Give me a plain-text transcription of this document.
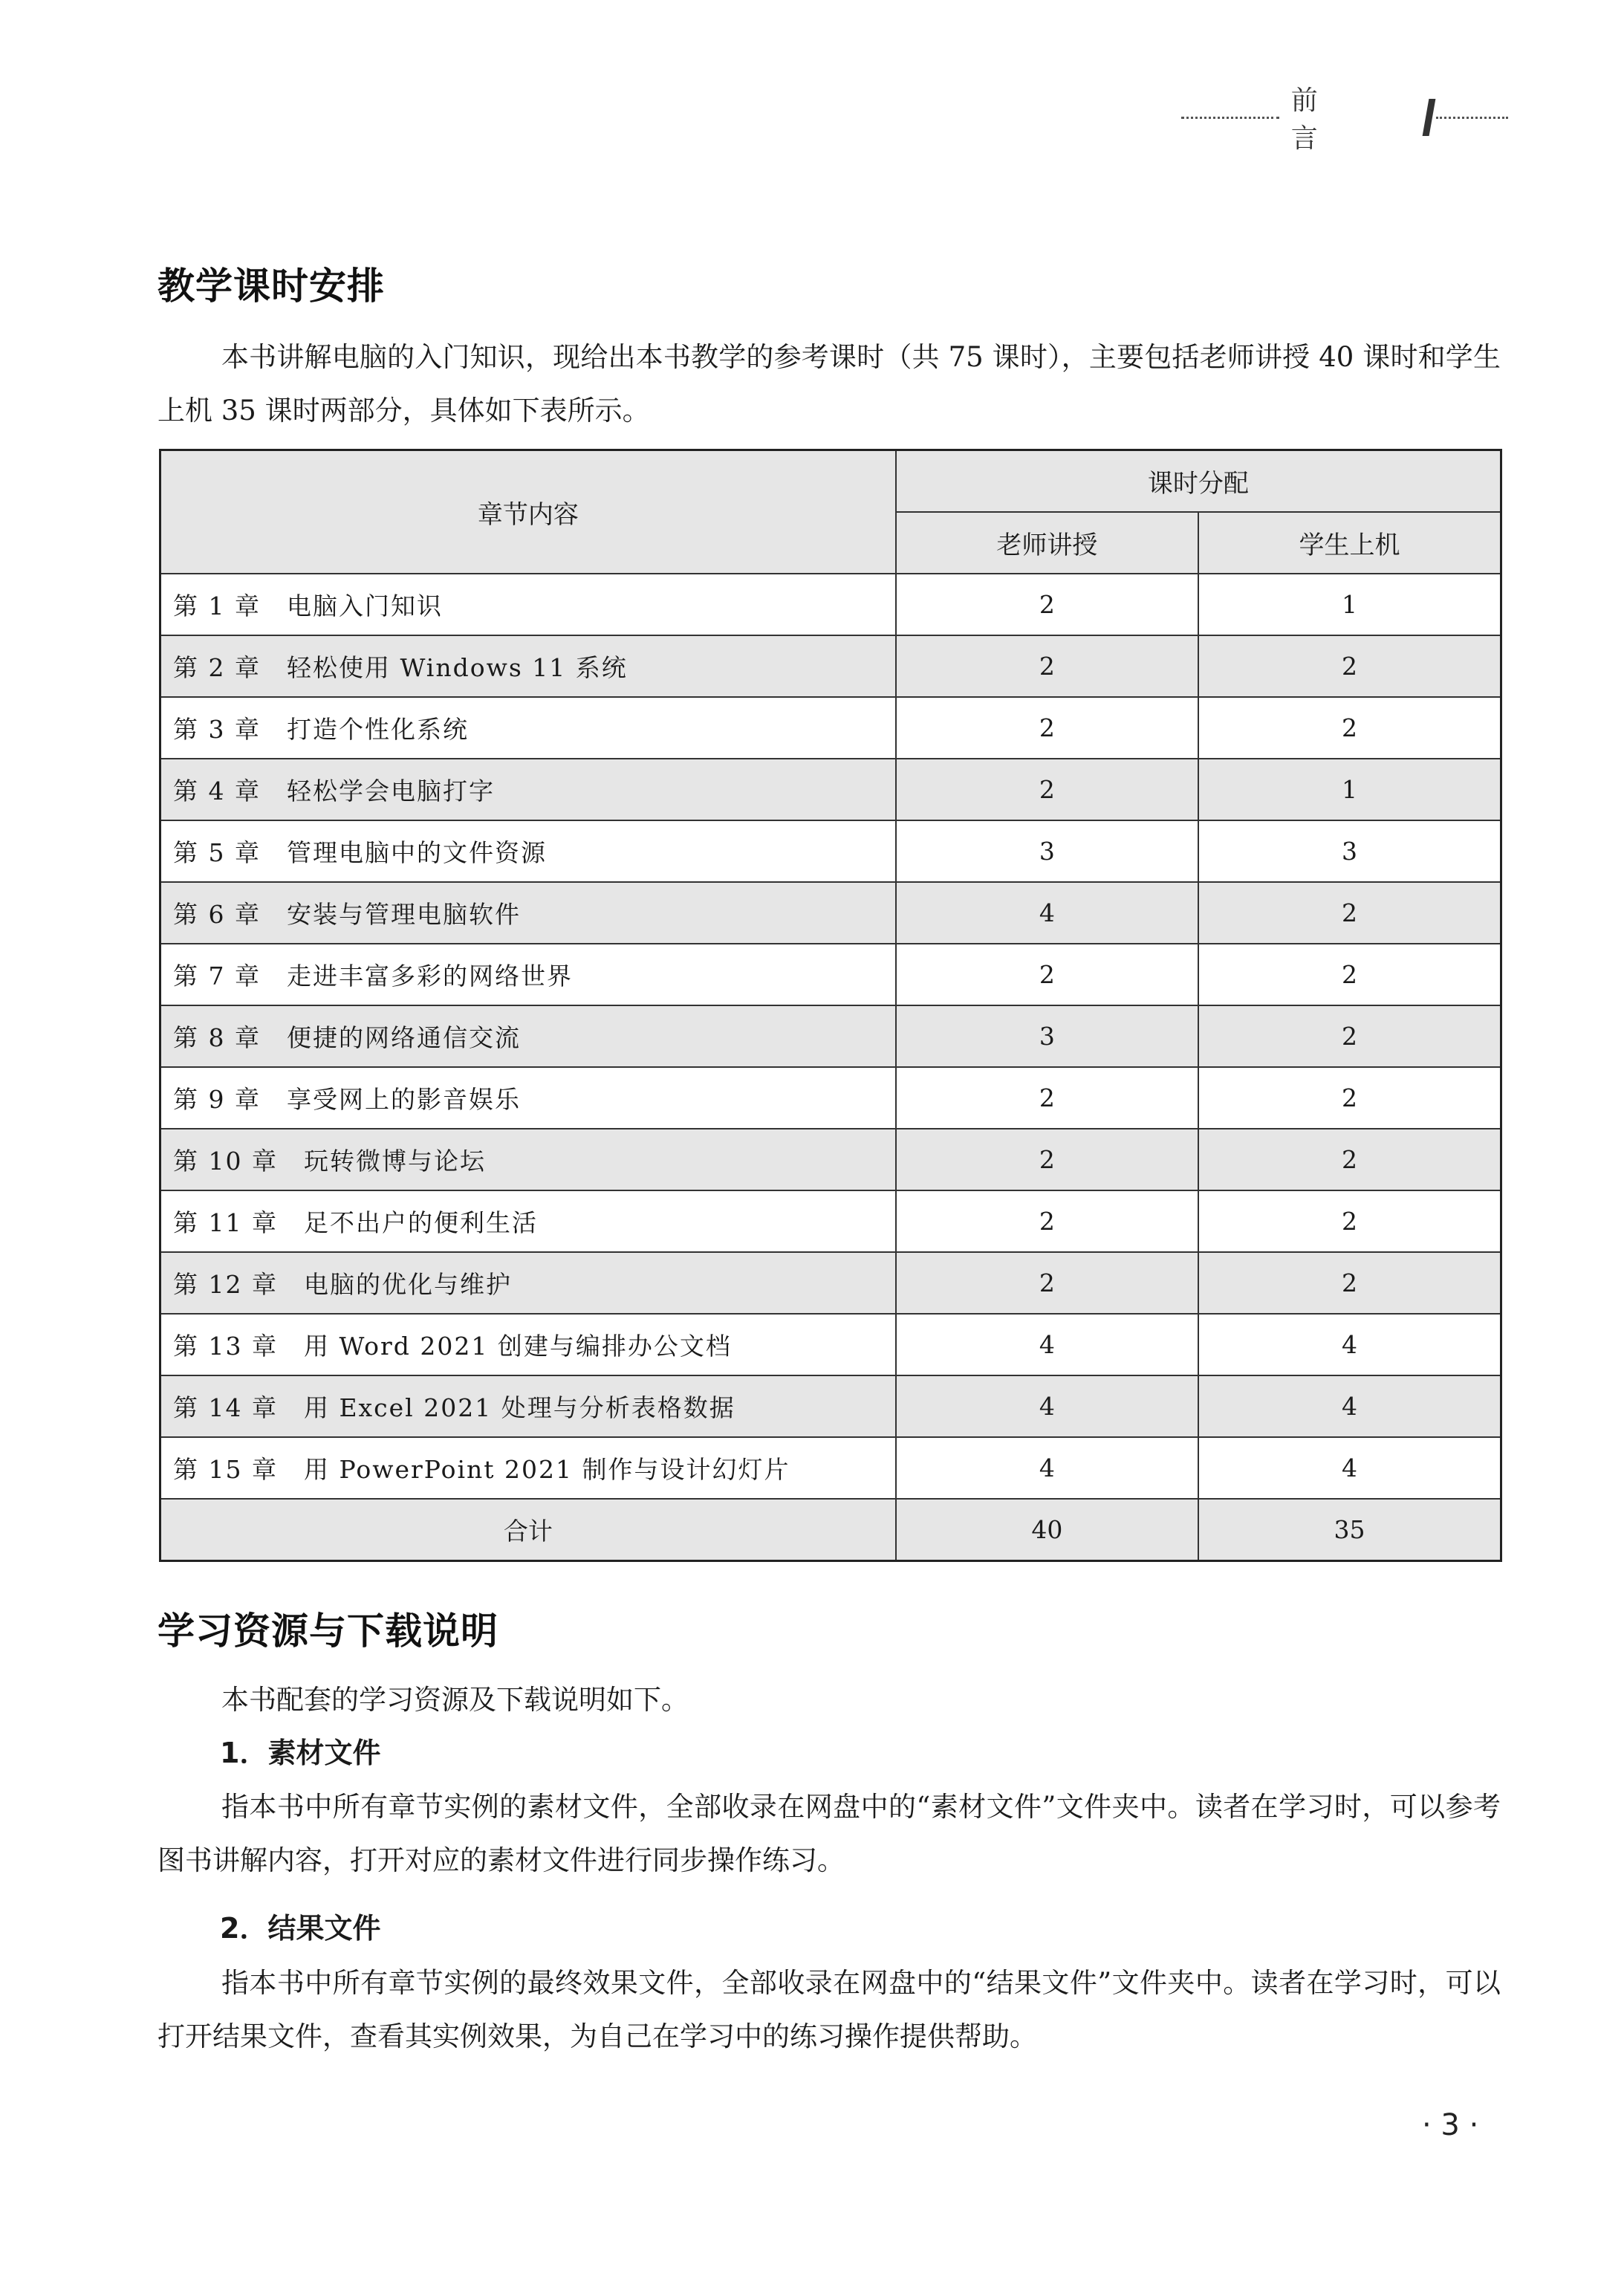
前 言
教学课时安排

本书讲解电脑的入门知识，现给出本书教学的参考课时（共 75 课时），主要包括老师讲授 40 课时和学生上机 35 课时两部分，具体如下表所示。

章节内容	课时分配	
	老师讲授	学生上机
第 1 章　电脑入门知识	2	1
第 2 章　轻松使用 Windows 11 系统	2	2
第 3 章　打造个性化系统	2	2
第 4 章　轻松学会电脑打字	2	1
第 5 章　管理电脑中的文件资源	3	3
第 6 章　安装与管理电脑软件	4	2
第 7 章　走进丰富多彩的网络世界	2	2
第 8 章　便捷的网络通信交流	3	2
第 9 章　享受网上的影音娱乐	2	2
第 10 章　玩转微博与论坛	2	2
第 11 章　足不出户的便利生活	2	2
第 12 章　电脑的优化与维护	2	2
第 13 章　用 Word 2021 创建与编排办公文档	4	4
第 14 章　用 Excel 2021 处理与分析表格数据	4	4
第 15 章　用 PowerPoint 2021 制作与设计幻灯片	4	4
合计	40	35
学习资源与下载说明

本书配套的学习资源及下载说明如下。

1．素材文件

指本书中所有章节实例的素材文件，全部收录在网盘中的“素材文件”文件夹中。读者在学习时，可以参考图书讲解内容，打开对应的素材文件进行同步操作练习。

2．结果文件

指本书中所有章节实例的最终效果文件，全部收录在网盘中的“结果文件”文件夹中。读者在学习时，可以打开结果文件，查看其实例效果，为自己在学习中的练习操作提供帮助。

· 3 ·
